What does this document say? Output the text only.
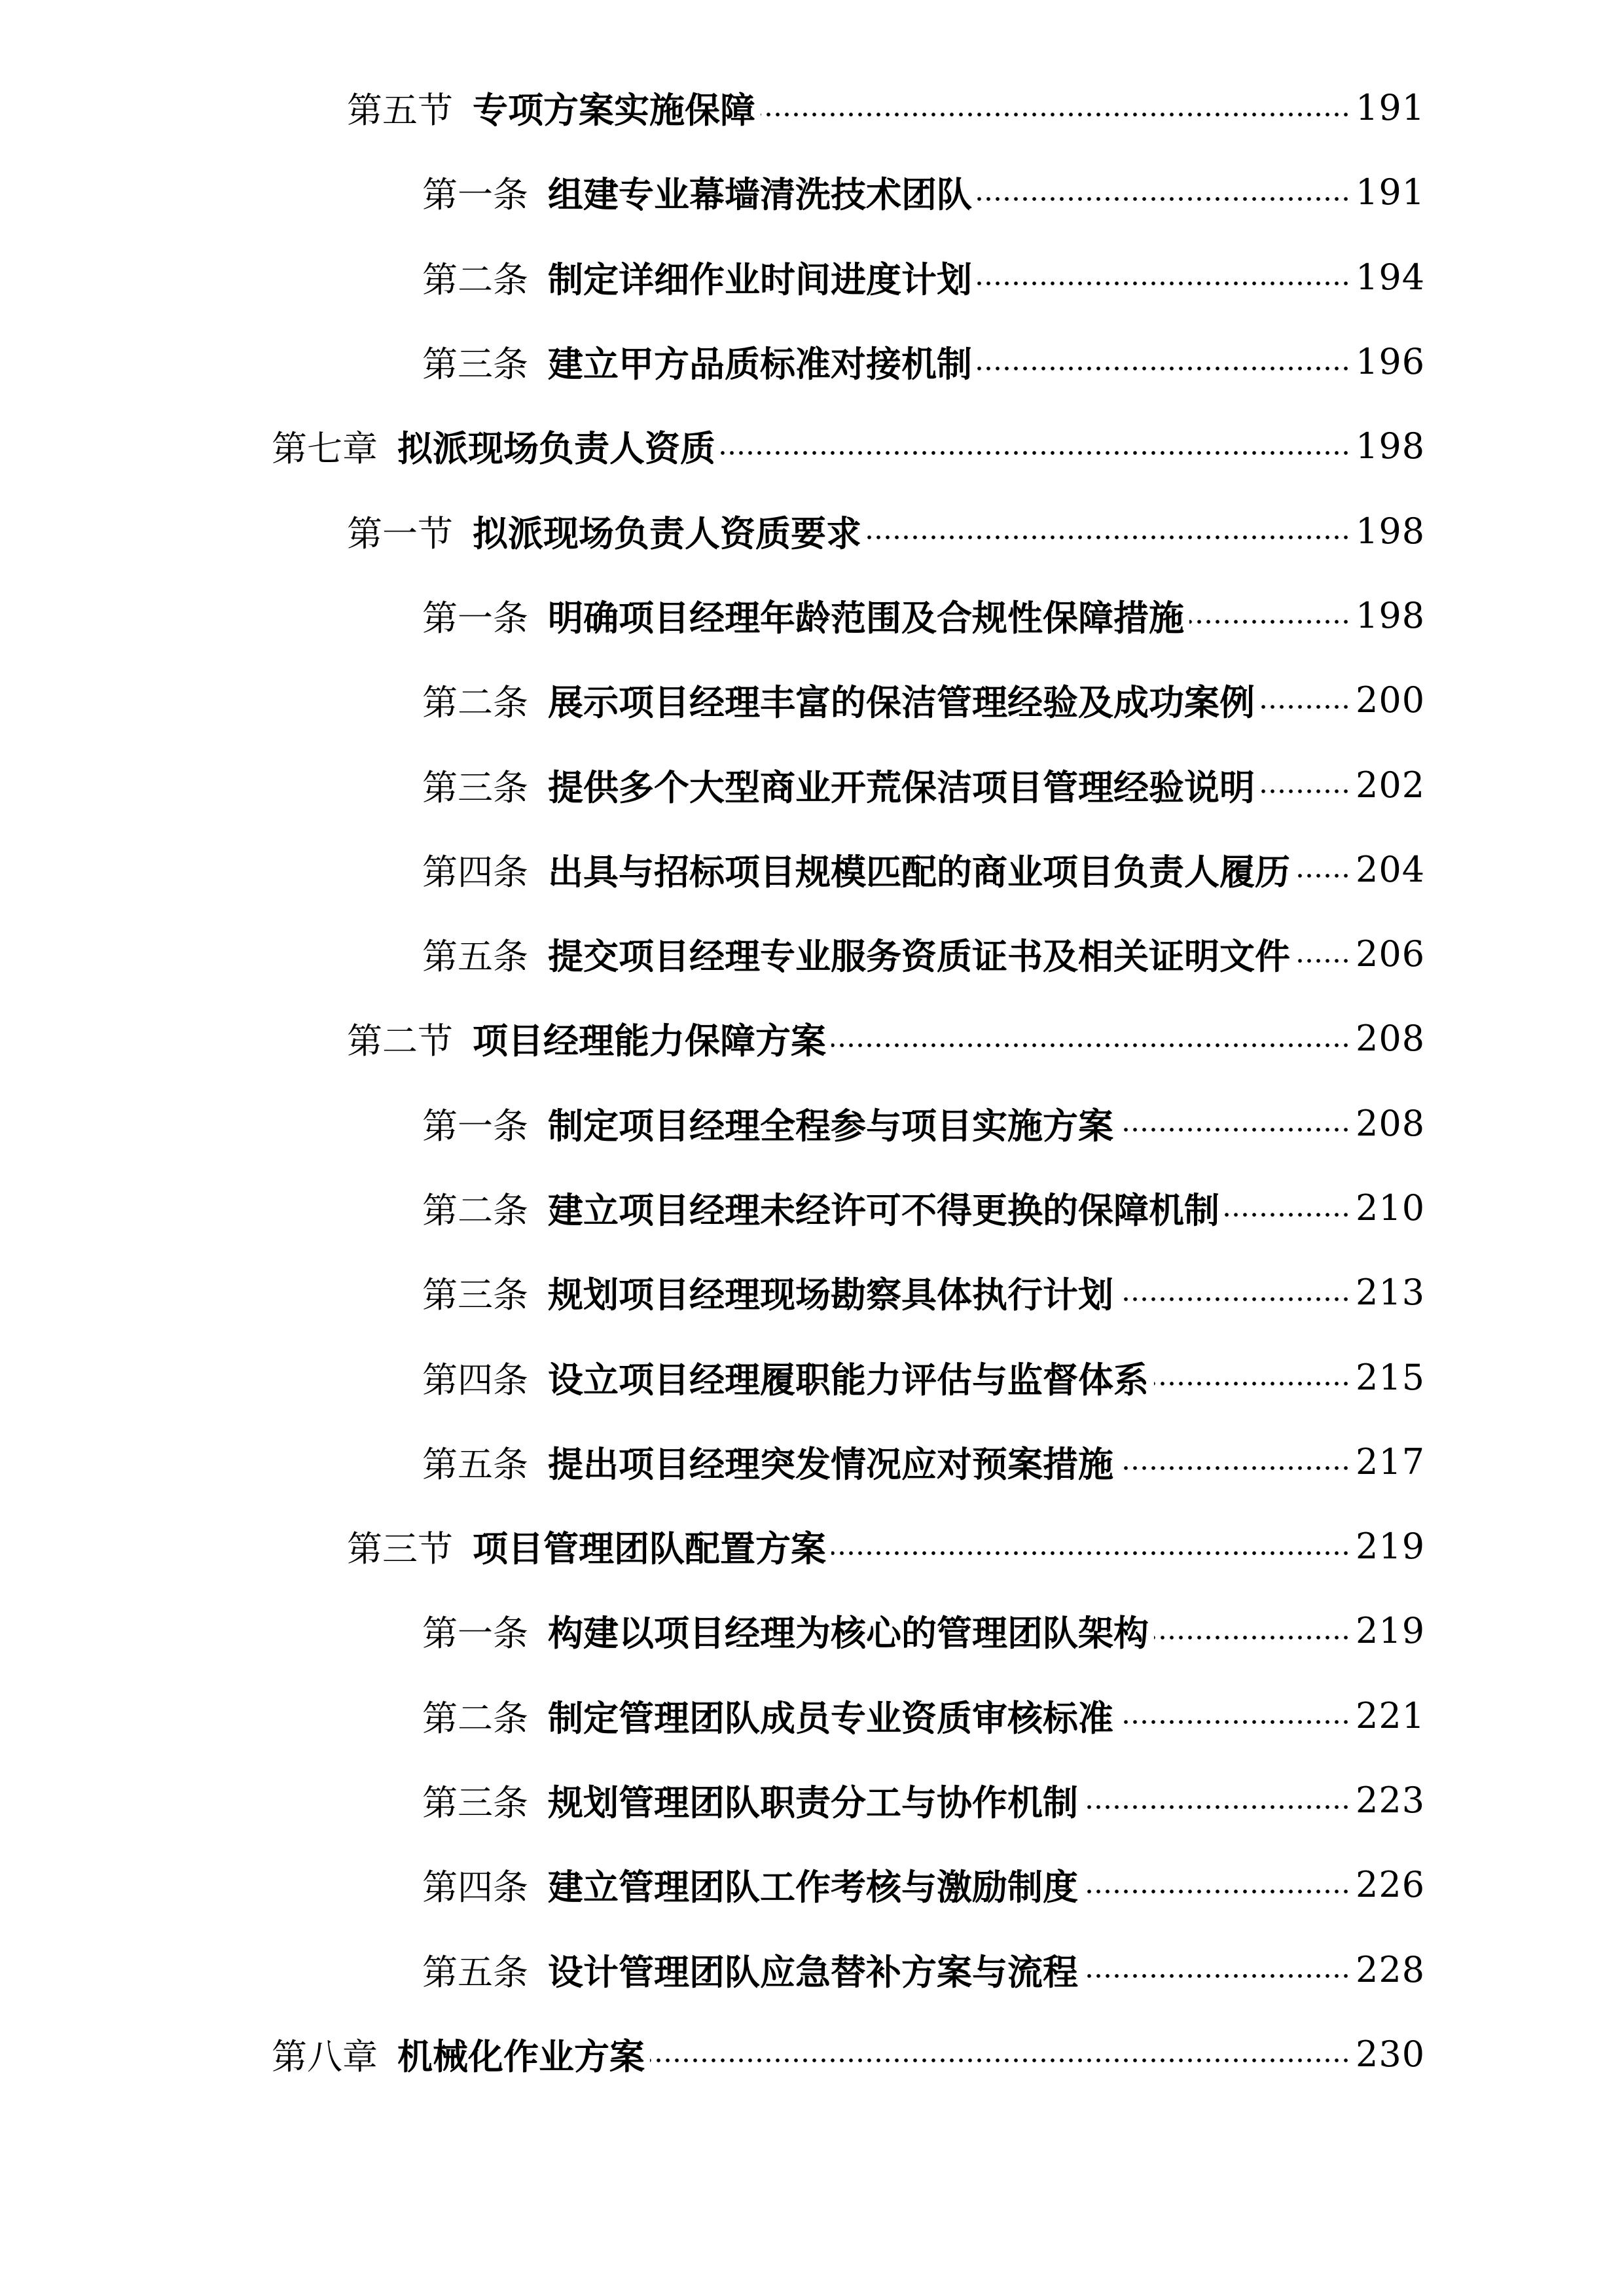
第五节 专项方案实施保障	191
第一条 组建专业幕墙清洗技术团队	191
第二条 制定详细作业时间进度计划	194
第三条 建立甲方品质标准对接机制	196
第七章 拟派现场负责人资质	198
第一节 拟派现场负责人资质要求	198
第一条 明确项目经理年龄范围及合规性保障措施	198
第二条 展示项目经理丰富的保洁管理经验及成功案例	200
第三条 提供多个大型商业开荒保洁项目管理经验说明	202
第四条 出具与招标项目规模匹配的商业项目负责人履历 204
第五条 提交项目经理专业服务资质证书及相关证明文件 206
第二节 项目经理能力保障方案	208
第一条 制定项目经理全程参与项目实施方案	208
第二条 建立项目经理未经许可不得更换的保障机制	210
第三条 规划项目经理现场勘察具体执行计划	213
第四条 设立项目经理履职能力评估与监督体系	215
第五条 提出项目经理突发情况应对预案措施	217
第三节 项目管理团队配置方案	219
第一条 构建以项目经理为核心的管理团队架构	219
第二条 制定管理团队成员专业资质审核标准	221
第三条 规划管理团队职责分工与协作机制	223
第四条 建立管理团队工作考核与激励制度	226
第五条 设计管理团队应急替补方案与流程	228
第八章 机械化作业方案	230
